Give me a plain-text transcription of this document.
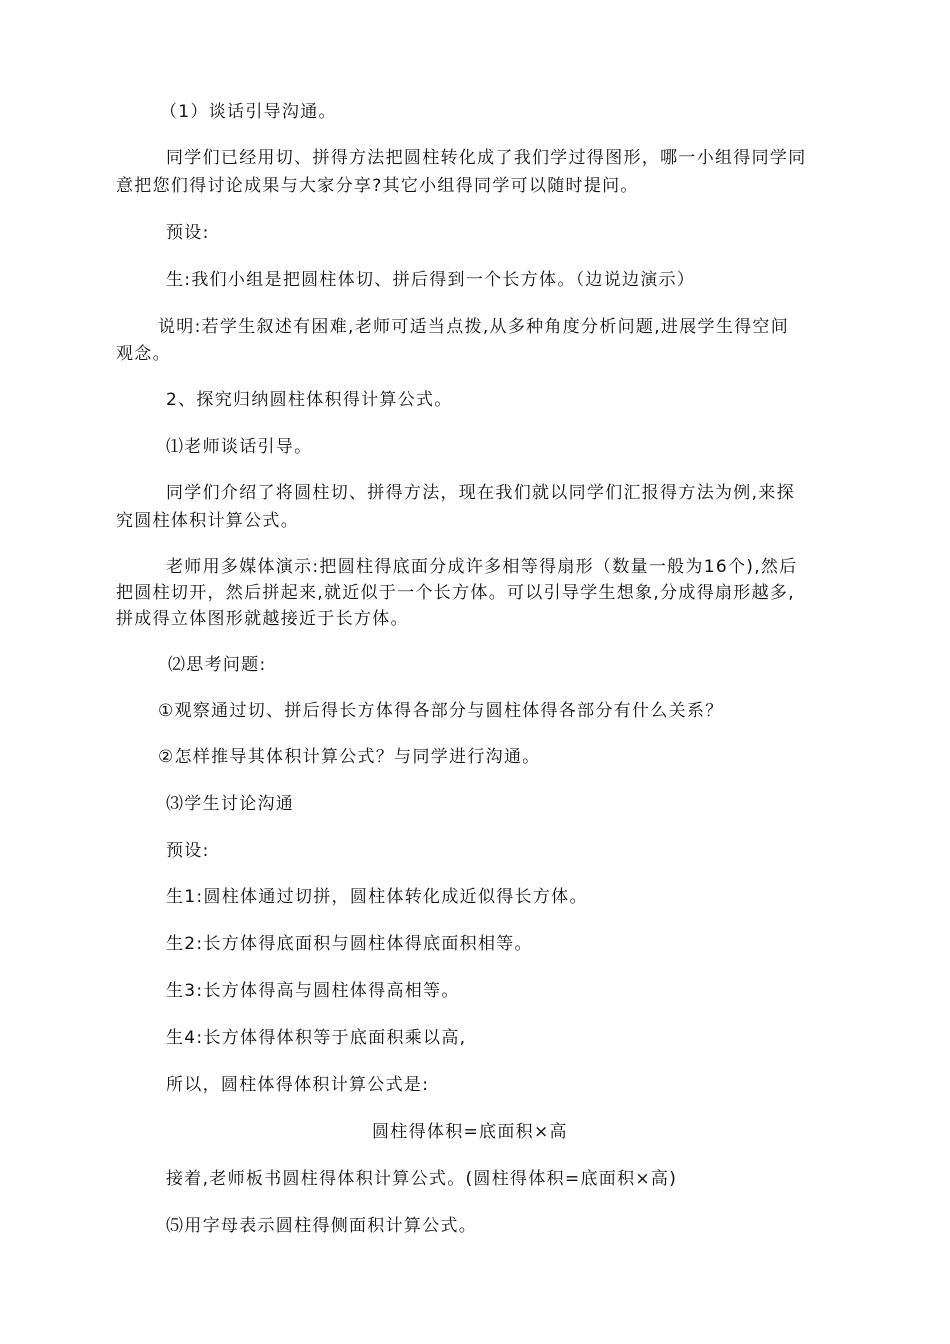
（1）谈话引导沟通。
同学们已经用切、拼得方法把圆柱转化成了我们学过得图形，哪一小组得同学同
意把您们得讨论成果与大家分享?其它小组得同学可以随时提问。
预设:
生:我们小组是把圆柱体切、拼后得到一个长方体。（边说边演示）
说明:若学生叙述有困难,老师可适当点拨,从多种角度分析问题,进展学生得空间
观念。
2、探究归纳圆柱体积得计算公式。
⑴老师谈话引导。
同学们介绍了将圆柱切、拼得方法，现在我们就以同学们汇报得方法为例,来探
究圆柱体积计算公式。
老师用多媒体演示:把圆柱得底面分成许多相等得扇形（数量一般为16个),然后
把圆柱切开，然后拼起来,就近似于一个长方体。可以引导学生想象,分成得扇形越多,
拼成得立体图形就越接近于长方体。
⑵思考问题:
①观察通过切、拼后得长方体得各部分与圆柱体得各部分有什么关系？
②怎样推导其体积计算公式？与同学进行沟通。
⑶学生讨论沟通
预设:
生1:圆柱体通过切拼，圆柱体转化成近似得长方体。
生2:长方体得底面积与圆柱体得底面积相等。
生3:长方体得高与圆柱体得高相等。
生4:长方体得体积等于底面积乘以高,
所以，圆柱体得体积计算公式是:
圆柱得体积=底面积×高
接着,老师板书圆柱得体积计算公式。(圆柱得体积=底面积×高)
⑸用字母表示圆柱得侧面积计算公式。
